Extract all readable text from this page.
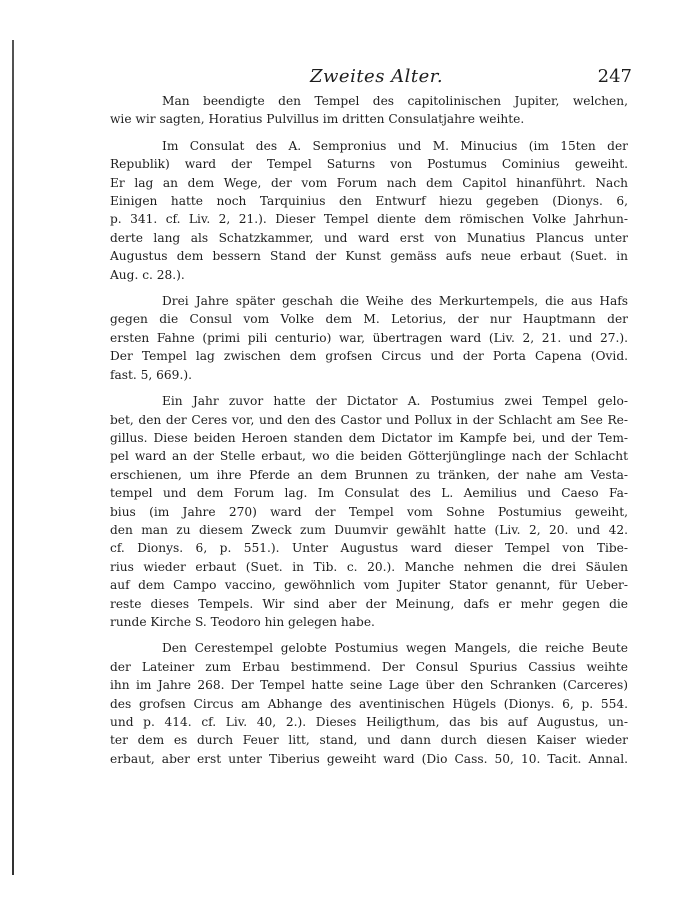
Zweites Alter.	247
Man beendigte den Tempel des capitolinischen Jupiter, welchen,
wie wir sagten, Horatius Pulvillus im dritten Consulatjahre weihte.
Im Consulat des A. Sempronius und M. Minucius (im 15ten der
Republik) ward der Tempel Saturns von Postumus Cominius geweiht.
Er lag an dem Wege, der vom Forum nach dem Capitol hinanführt. Nach
Einigen hatte noch Tarquinius den Entwurf hiezu gegeben (Dionys. 6,
p. 341. cf. Liv. 2, 21.). Dieser Tempel diente dem römischen Volke Jahrhun-
derte lang als Schatzkammer, und ward erst von Munatius Plancus unter
Augustus dem bessern Stand der Kunst gemäss aufs neue erbaut (Suet. in
Aug. c. 28.).
Drei Jahre später geschah die Weihe des Merkurtempels, die aus Hafs
gegen die Consul vom Volke dem M. Letorius, der nur Hauptmann der
ersten Fahne (primi pili centurio) war, übertragen ward (Liv. 2, 21. und 27.).
Der Tempel lag zwischen dem grofsen Circus und der Porta Capena (Ovid.
fast. 5, 669.).
Ein Jahr zuvor hatte der Dictator A. Postumius zwei Tempel gelo-
bet, den der Ceres vor, und den des Castor und Pollux in der Schlacht am See Re-
gillus. Diese beiden Heroen standen dem Dictator im Kampfe bei, und der Tem-
pel ward an der Stelle erbaut, wo die beiden Götterjünglinge nach der Schlacht
erschienen, um ihre Pferde an dem Brunnen zu tränken, der nahe am Vesta-
tempel und dem Forum lag. Im Consulat des L. Aemilius und Caeso Fa-
bius (im Jahre 270) ward der Tempel vom Sohne Postumius geweiht,
den man zu diesem Zweck zum Duumvir gewählt hatte (Liv. 2, 20. und 42.
cf. Dionys. 6, p. 551.). Unter Augustus ward dieser Tempel von Tibe-
rius wieder erbaut (Suet. in Tib. c. 20.). Manche nehmen die drei Säulen
auf dem Campo vaccino, gewöhnlich vom Jupiter Stator genannt, für Ueber-
reste dieses Tempels. Wir sind aber der Meinung, dafs er mehr gegen die
runde Kirche S. Teodoro hin gelegen habe.
Den Cerestempel gelobte Postumius wegen Mangels, die reiche Beute
der Lateiner zum Erbau bestimmend. Der Consul Spurius Cassius weihte
ihn im Jahre 268. Der Tempel hatte seine Lage über den Schranken (Carceres)
des grofsen Circus am Abhange des aventinischen Hügels (Dionys. 6, p. 554.
und p. 414. cf. Liv. 40, 2.). Dieses Heiligthum, das bis auf Augustus, un-
ter dem es durch Feuer litt, stand, und dann durch diesen Kaiser wieder
erbaut, aber erst unter Tiberius geweiht ward (Dio Cass. 50, 10. Tacit. Annal.
